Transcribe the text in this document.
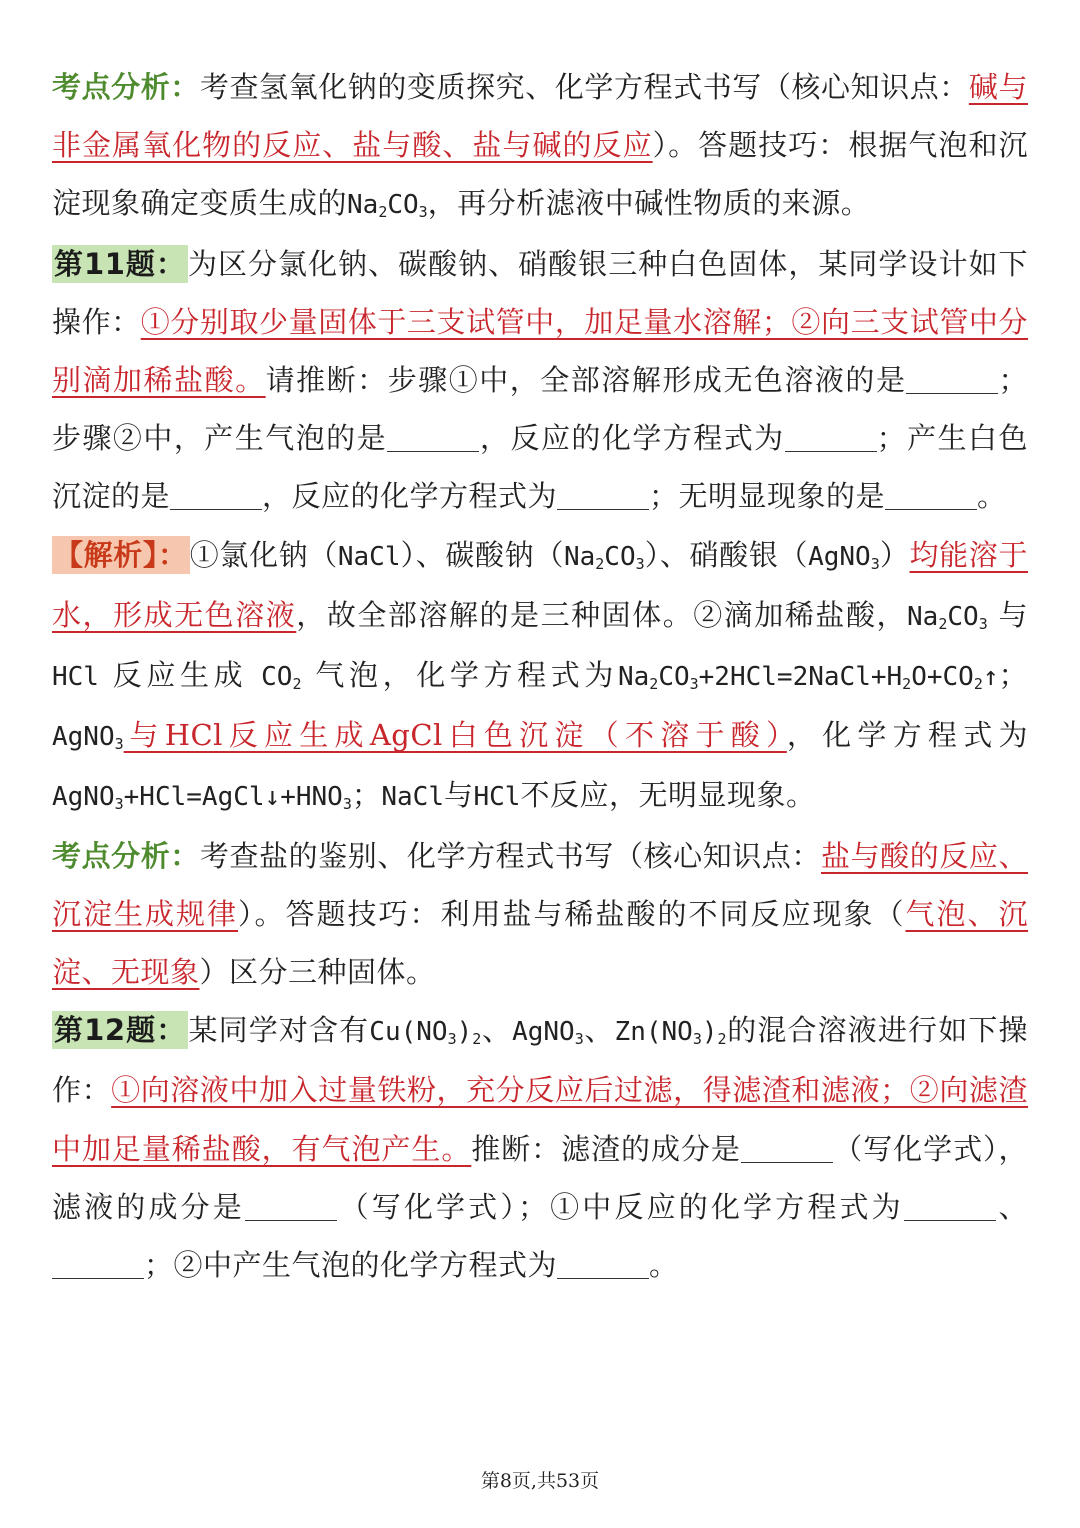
考点分析：考查氢氧化钠的变质探究、化学方程式书写（核心知识点：碱与非金属氧化物的反应、盐与酸、盐与碱的反应）。答题技巧：根据气泡和沉淀现象确定变质生成的$Na_2CO_3$，再分析滤液中碱性物质的来源。

第11题：为区分氯化钠、碳酸钠、硝酸银三种白色固体，某同学设计如下操作：①分别取少量固体于三支试管中，加足量水溶解；②向三支试管中分别滴加稀盐酸。请推断：步骤①中，全部溶解形成无色溶液的是	；步骤②中，产生气泡的是	，反应的化学方程式为	；产生白色沉淀的是	，反应的化学方程式为	；无明显现象的是	。

【解析】：①氯化钠（NaCl）、碳酸钠$(Na_2CO_3)$、硝酸银（AgNO$_3$）均能溶于水，形成无色溶液，故全部溶解的是三种固体。②滴加稀盐酸，$Na_2CO_3$ 与 HCl 反应生成 $CO_2$ 气泡，化学方程式为$Na_2CO_3+2HCl=2NaCl+H_2O+CO_2↑$；AgNO$_3$与HCl反应生成AgCl白色沉淀（不溶于酸），化学方程式为$AgNO_3+HCl=AgCl↓+HNO_3$；NaCl与HCl不反应，无明显现象。

考点分析：考查盐的鉴别、化学方程式书写（核心知识点：盐与酸的反应、沉淀生成规律）。答题技巧：利用盐与稀盐酸的不同反应现象（气泡、沉淀、无现象）区分三种固体。

第12题：某同学对含有$Cu(NO_3)_2$、AgNO$_3$、$Zn(NO_3)_2$的混合溶液进行如下操作：①向溶液中加入过量铁粉，充分反应后过滤，得滤渣和滤液；②向滤渣中加足量稀盐酸，有气泡产生。推断：滤渣的成分是	（写化学式），滤液的成分是	（写化学式）；①中反应的化学方程式为	、；②中产生气泡的化学方程式为	。

第8页,共53页
